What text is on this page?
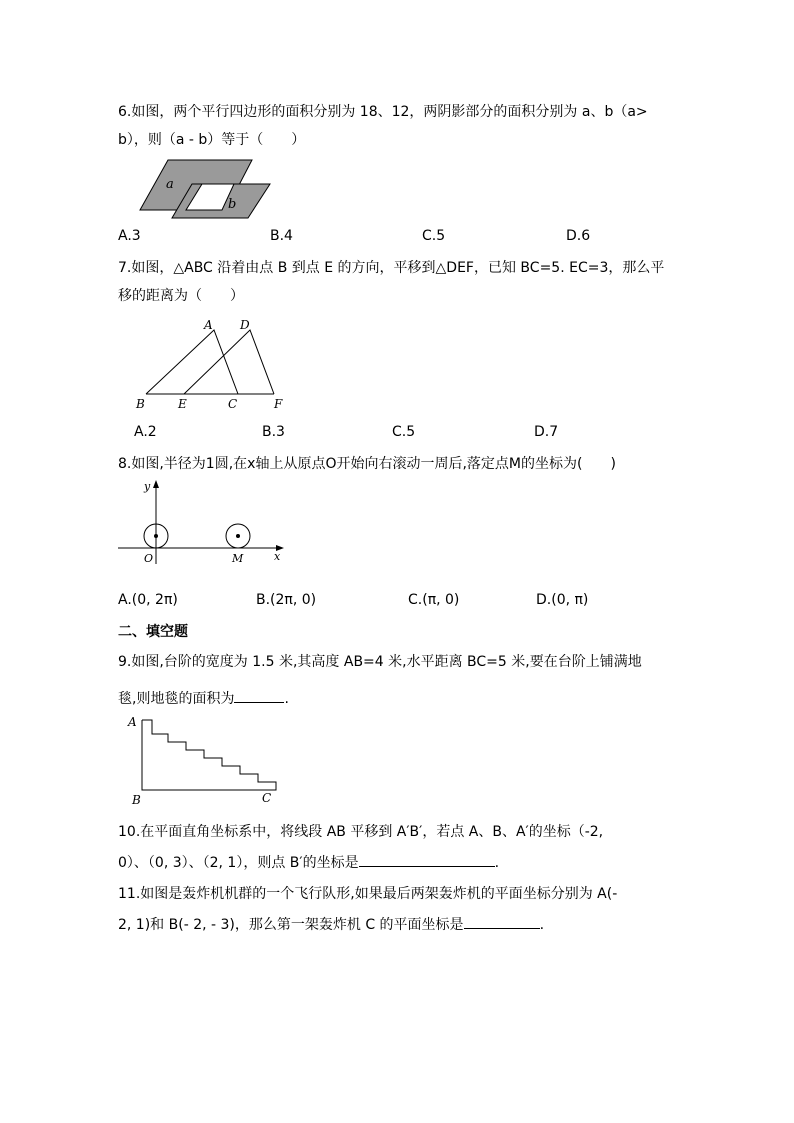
6.如图，两个平行四边形的面积分别为 18、12，两阴影部分的面积分别为 a、b（a>
b），则（a - b）等于（　　）
a
b
A.3	B.4	C.5	D.6
7.如图，△ABC 沿着由点 B 到点 E 的方向，平移到△DEF，已知 BC=5. EC=3，那么平
移的距离为（　　）
A D
B	E	C	F
A.2	B.3	C.5	D.7
8.如图,半径为1圆,在x轴上从原点O开始向右滚动一周后,落定点M的坐标为(　　)
y
x
O	M
A.(0, 2π)	B.(2π, 0)	C.(π, 0)	D.(0, π)
二、填空题
9.如图,台阶的宽度为 1.5 米,其高度 AB=4 米,水平距离 BC=5 米,要在台阶上铺满地
毯,则地毯的面积为	.
A
B	C
10.在平面直角坐标系中，将线段 AB 平移到 A′B′，若点 A、B、A′的坐标（-2,
0）、（0, 3）、（2, 1），则点 B′的坐标是	.
11.如图是轰炸机机群的一个飞行队形,如果最后两架轰炸机的平面坐标分别为 A(-
2, 1)和 B(- 2, - 3)，那么第一架轰炸机 C 的平面坐标是	.
